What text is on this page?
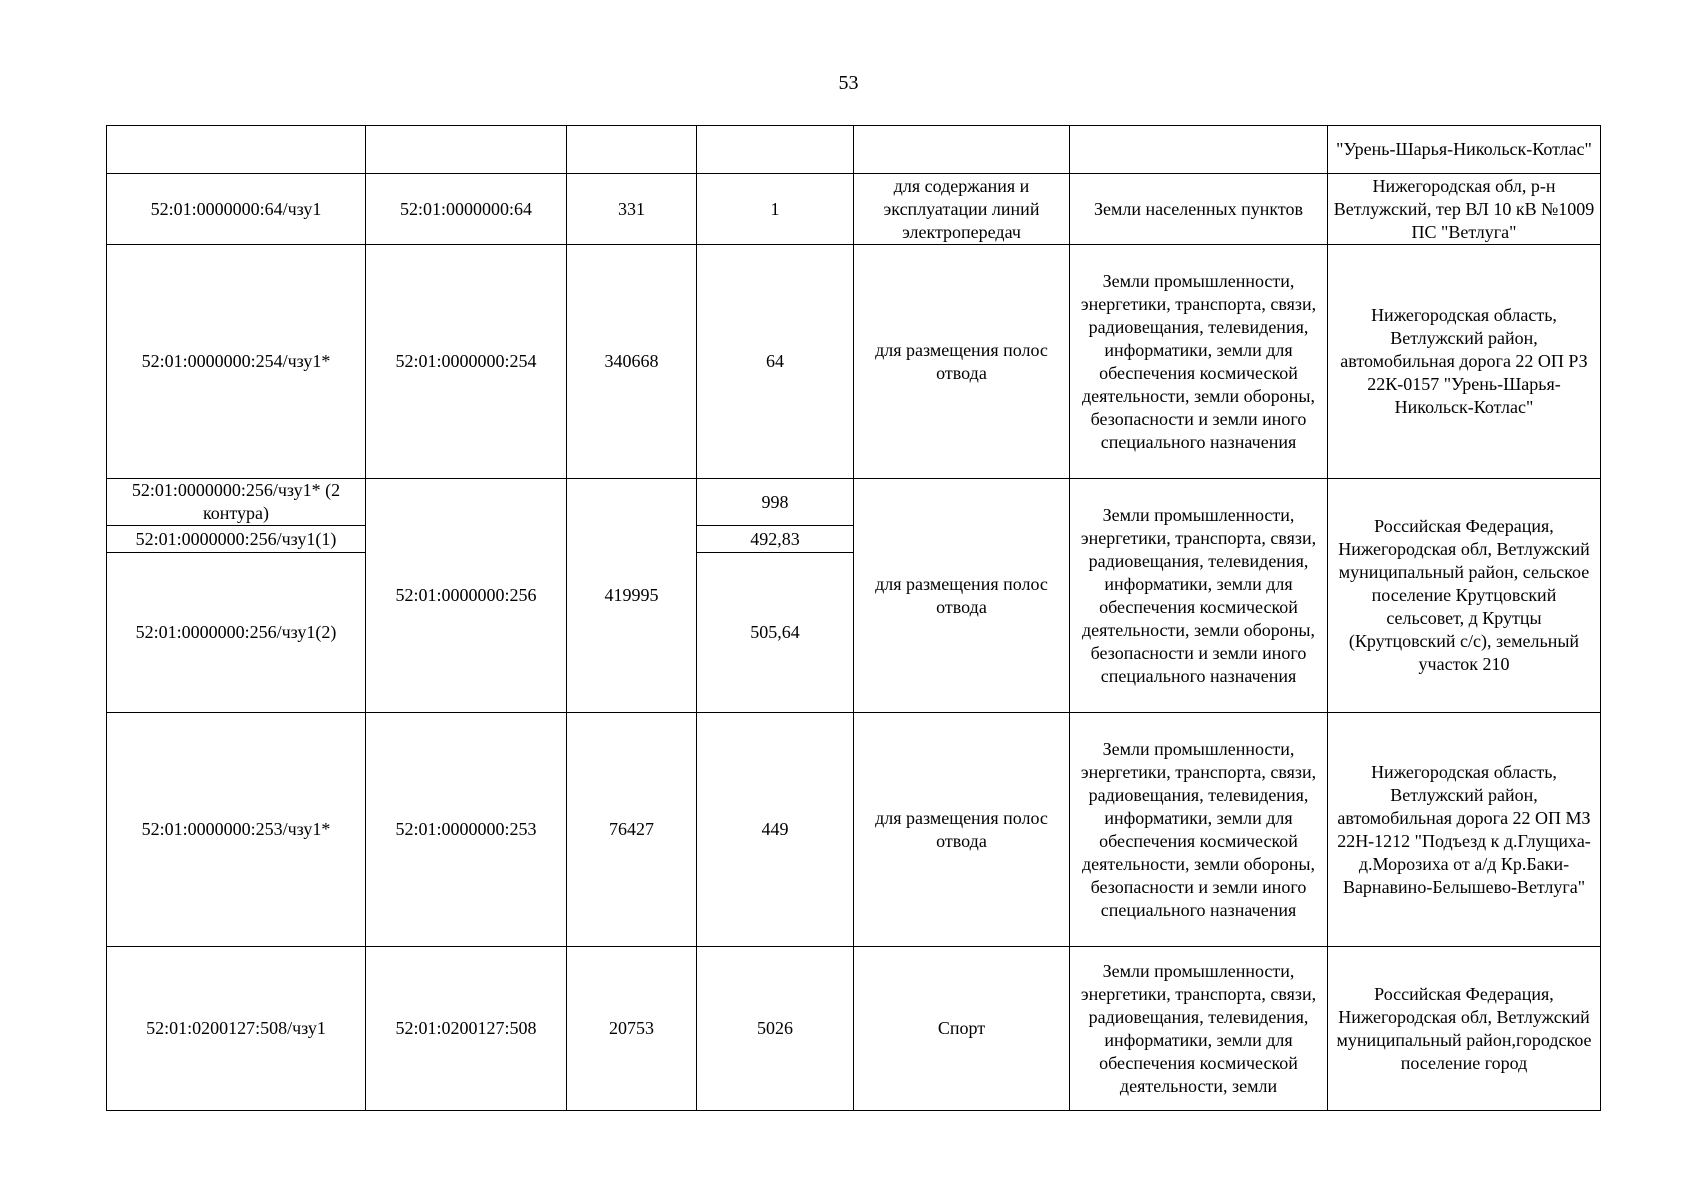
53
						"Урень-Шарья-Никольск-Котлас"
52:01:0000000:64/чзу1	52:01:0000000:64	331	1	для содержания и эксплуатации линий электропередач	Земли населенных пунктов	Нижегородская обл, р-н Ветлужский, тер ВЛ 10 кВ №1009 ПС "Ветлуга"
52:01:0000000:254/чзу1*	52:01:0000000:254	340668	64	для размещения полос отвода	Земли промышленности, энергетики, транспорта, связи, радиовещания, телевидения, информатики, земли для обеспечения космической деятельности, земли обороны, безопасности и земли иного специального назначения	Нижегородская область, Ветлужский район, автомобильная дорога 22 ОП РЗ 22К-0157 "Урень-Шарья-Никольск-Котлас"
52:01:0000000:256/чзу1* (2 контура)	52:01:0000000:256	419995	998	для размещения полос отвода	Земли промышленности, энергетики, транспорта, связи, радиовещания, телевидения, информатики, земли для обеспечения космической деятельности, земли обороны, безопасности и земли иного специального назначения	Российская Федерация, Нижегородская обл, Ветлужский муниципальный район, сельское поселение Крутцовский сельсовет, д Крутцы (Крутцовский с/с), земельный участок 210
52:01:0000000:256/чзу1(1)			492,83			
52:01:0000000:256/чзу1(2)			505,64			
52:01:0000000:253/чзу1*	52:01:0000000:253	76427	449	для размещения полос отвода	Земли промышленности, энергетики, транспорта, связи, радиовещания, телевидения, информатики, земли для обеспечения космической деятельности, земли обороны, безопасности и земли иного специального назначения	Нижегородская область, Ветлужский район, автомобильная дорога 22 ОП МЗ 22Н-1212 "Подъезд к д.Глущиха-д.Морозиха от а/д Кр.Баки-Варнавино-Белышево-Ветлуга"
52:01:0200127:508/чзу1	52:01:0200127:508	20753	5026	Спорт	Земли промышленности, энергетики, транспорта, связи, радиовещания, телевидения, информатики, земли для обеспечения космической деятельности, земли	Российская Федерация, Нижегородская обл, Ветлужский муниципальный район,городское поселение город
